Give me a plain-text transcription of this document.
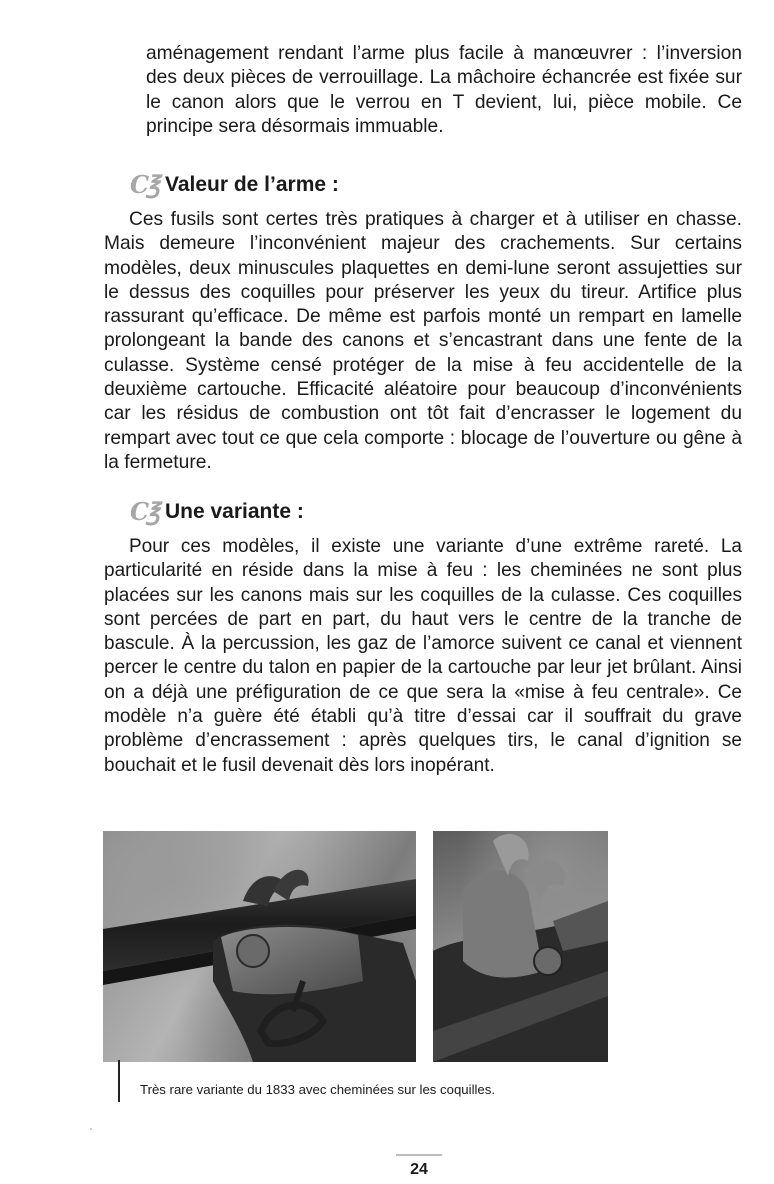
aménagement rendant l’arme plus facile à manœuvrer : l’inversion des deux pièces de verrouillage. La mâchoire échancrée est fixée sur le canon alors que le verrou en T devient, lui, pièce mobile. Ce principe sera désormais immuable.

C℥ Valeur de l’arme :

Ces fusils sont certes très pratiques à charger et à utiliser en chasse. Mais demeure l’inconvénient majeur des crachements. Sur certains modèles, deux minuscules plaquettes en demi-lune seront assujetties sur le dessus des coquilles pour préserver les yeux du tireur. Artifice plus rassurant qu’efficace. De même est parfois monté un rempart en lamelle prolongeant la bande des canons et s’encastrant dans une fente de la culasse. Système censé protéger de la mise à feu accidentelle de la deuxième cartouche. Efficacité aléatoire pour beaucoup d’inconvénients car les résidus de combustion ont tôt fait d’encrasser le logement du rempart avec tout ce que cela comporte : blocage de l’ouverture ou gêne à la fermeture.

C℥ Une variante :

Pour ces modèles, il existe une variante d’une extrême rareté. La particularité en réside dans la mise à feu : les cheminées ne sont plus placées sur les canons mais sur les coquilles de la culasse. Ces coquilles sont percées de part en part, du haut vers le centre de la tranche de bascule. À la percussion, les gaz de l’amorce suivent ce canal et viennent percer le centre du talon en papier de la cartouche par leur jet brûlant. Ainsi on a déjà une préfiguration de ce que sera la «mise à feu centrale». Ce modèle n’a guère été établi qu’à titre d’essai car il souffrait du grave problème d’encrassement : après quelques tirs, le canal d’ignition se bouchait et le fusil devenait dès lors inopérant.

Très rare variante du 1833 avec cheminées sur les coquilles.

24
